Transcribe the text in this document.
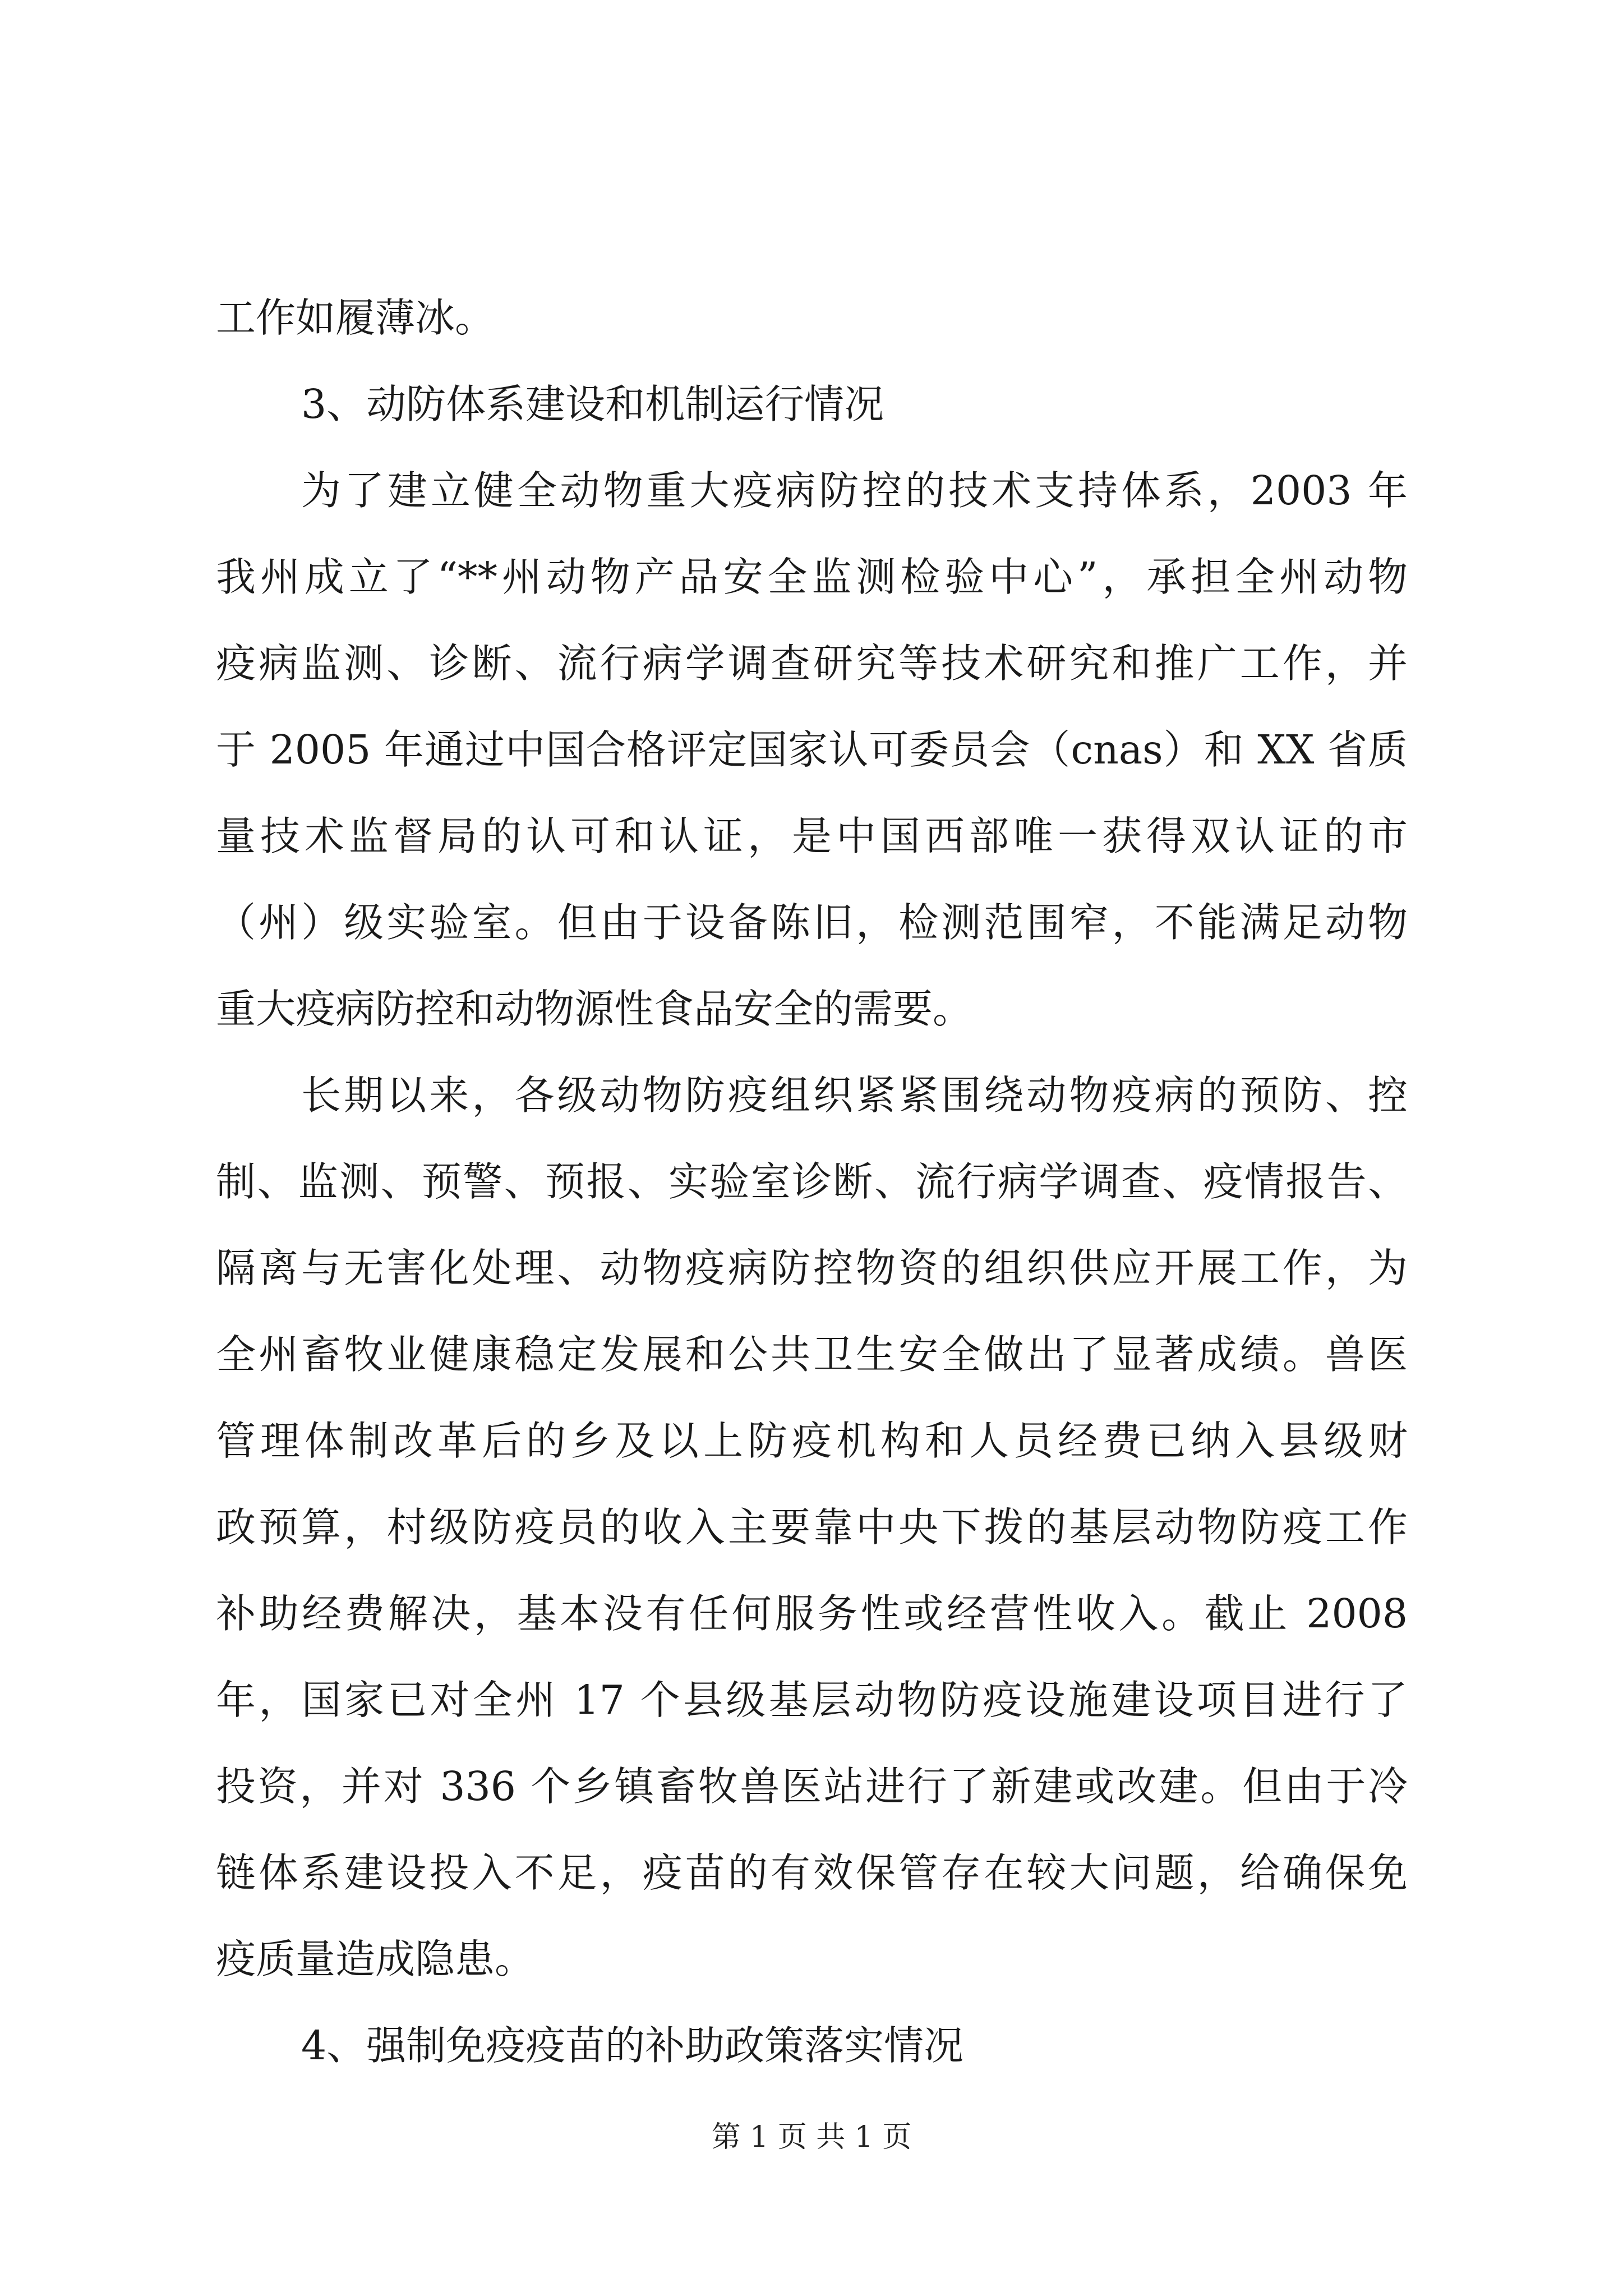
工作如履薄冰。
3、动防体系建设和机制运行情况
为了建立健全动物重大疫病防控的技术支持体系，2003 年
我州成立了“**州动物产品安全监测检验中心”，承担全州动物
疫病监测、诊断、流行病学调查研究等技术研究和推广工作，并
于 2005 年通过中国合格评定国家认可委员会（cnas）和 XX 省质
量技术监督局的认可和认证，是中国西部唯一获得双认证的市
（州）级实验室。但由于设备陈旧，检测范围窄，不能满足动物
重大疫病防控和动物源性食品安全的需要。
长期以来，各级动物防疫组织紧紧围绕动物疫病的预防、控
制、监测、预警、预报、实验室诊断、流行病学调查、疫情报告、
隔离与无害化处理、动物疫病防控物资的组织供应开展工作，为
全州畜牧业健康稳定发展和公共卫生安全做出了显著成绩。兽医
管理体制改革后的乡及以上防疫机构和人员经费已纳入县级财
政预算，村级防疫员的收入主要靠中央下拨的基层动物防疫工作
补助经费解决，基本没有任何服务性或经营性收入。截止 2008
年，国家已对全州 17 个县级基层动物防疫设施建设项目进行了
投资，并对 336 个乡镇畜牧兽医站进行了新建或改建。但由于冷
链体系建设投入不足，疫苗的有效保管存在较大问题，给确保免
疫质量造成隐患。
4、强制免疫疫苗的补助政策落实情况
第 1 页 共 1 页
